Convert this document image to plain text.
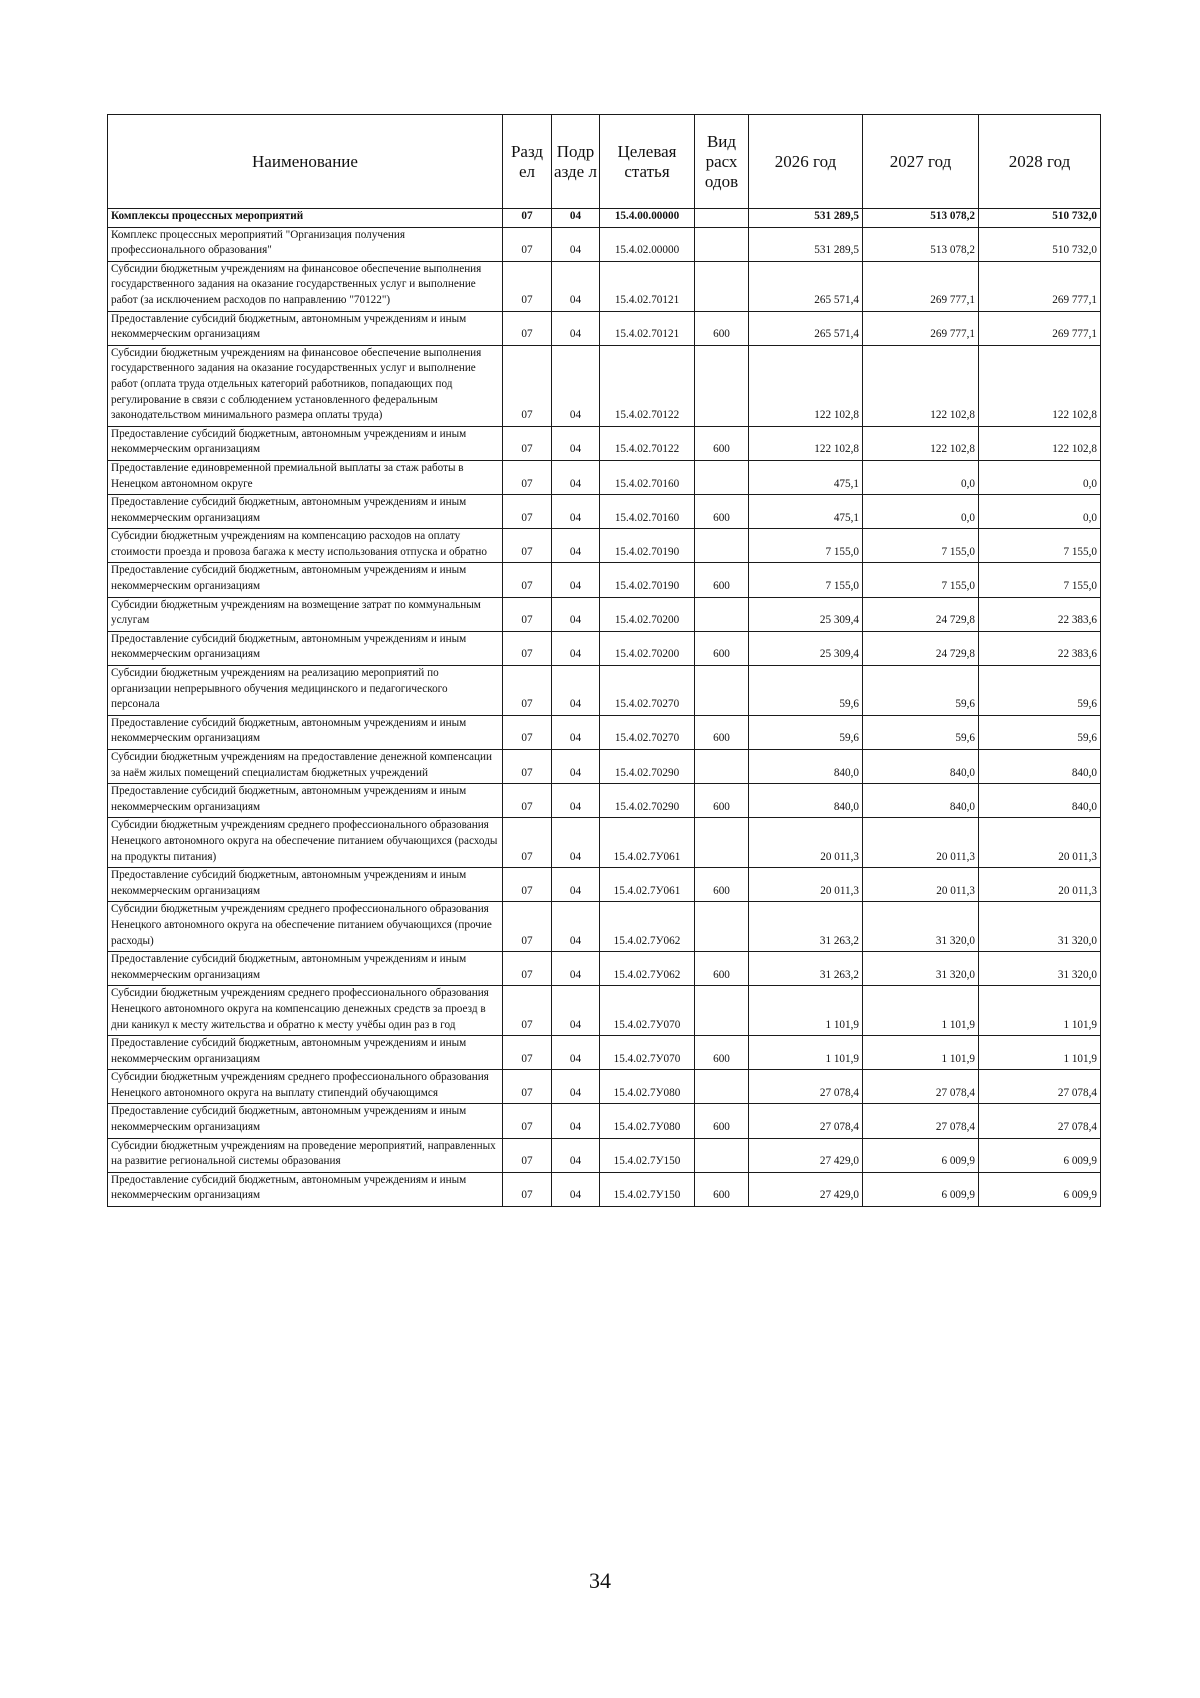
Наименование	Разд ел	Подр азде л	Целевая статья	Вид расх одов	2026 год	2027 год	2028 год
Комплексы процессных мероприятий	07	04	15.4.00.00000		531 289,5	513 078,2	510 732,0
Комплекс процессных мероприятий "Организация получения профессионального образования"	07	04	15.4.02.00000		531 289,5	513 078,2	510 732,0
Субсидии бюджетным учреждениям на финансовое обеспечение выполнения государственного задания на оказание государственных услуг и выполнение работ (за исключением расходов по направлению "70122")	07	04	15.4.02.70121		265 571,4	269 777,1	269 777,1
Предоставление субсидий бюджетным, автономным учреждениям и иным некоммерческим организациям	07	04	15.4.02.70121	600	265 571,4	269 777,1	269 777,1
Субсидии бюджетным учреждениям на финансовое обеспечение выполнения государственного задания на оказание государственных услуг и выполнение работ (оплата труда отдельных категорий работников, попадающих под регулирование в связи с соблюдением установленного федеральным законодательством минимального размера оплаты труда)	07	04	15.4.02.70122		122 102,8	122 102,8	122 102,8
Предоставление субсидий бюджетным, автономным учреждениям и иным некоммерческим организациям	07	04	15.4.02.70122	600	122 102,8	122 102,8	122 102,8
Предоставление единовременной премиальной выплаты за стаж работы в Ненецком автономном округе	07	04	15.4.02.70160		475,1	0,0	0,0
Предоставление субсидий бюджетным, автономным учреждениям и иным некоммерческим организациям	07	04	15.4.02.70160	600	475,1	0,0	0,0
Субсидии бюджетным учреждениям на компенсацию расходов на оплату стоимости проезда и провоза багажа к месту использования отпуска и обратно	07	04	15.4.02.70190		7 155,0	7 155,0	7 155,0
Предоставление субсидий бюджетным, автономным учреждениям и иным некоммерческим организациям	07	04	15.4.02.70190	600	7 155,0	7 155,0	7 155,0
Субсидии бюджетным учреждениям на возмещение затрат по коммунальным услугам	07	04	15.4.02.70200		25 309,4	24 729,8	22 383,6
Предоставление субсидий бюджетным, автономным учреждениям и иным некоммерческим организациям	07	04	15.4.02.70200	600	25 309,4	24 729,8	22 383,6
Субсидии бюджетным учреждениям на реализацию мероприятий по организации непрерывного обучения медицинского и педагогического персонала	07	04	15.4.02.70270		59,6	59,6	59,6
Предоставление субсидий бюджетным, автономным учреждениям и иным некоммерческим организациям	07	04	15.4.02.70270	600	59,6	59,6	59,6
Субсидии бюджетным учреждениям на предоставление денежной компенсации за наём жилых помещений специалистам бюджетных учреждений	07	04	15.4.02.70290		840,0	840,0	840,0
Предоставление субсидий бюджетным, автономным учреждениям и иным некоммерческим организациям	07	04	15.4.02.70290	600	840,0	840,0	840,0
Субсидии бюджетным учреждениям среднего профессионального образования Ненецкого автономного округа на обеспечение питанием обучающихся (расходы на продукты питания)	07	04	15.4.02.7У061		20 011,3	20 011,3	20 011,3
Предоставление субсидий бюджетным, автономным учреждениям и иным некоммерческим организациям	07	04	15.4.02.7У061	600	20 011,3	20 011,3	20 011,3
Субсидии бюджетным учреждениям среднего профессионального образования Ненецкого автономного округа на обеспечение питанием обучающихся (прочие расходы)	07	04	15.4.02.7У062		31 263,2	31 320,0	31 320,0
Предоставление субсидий бюджетным, автономным учреждениям и иным некоммерческим организациям	07	04	15.4.02.7У062	600	31 263,2	31 320,0	31 320,0
Субсидии бюджетным учреждениям среднего профессионального образования Ненецкого автономного округа на компенсацию денежных средств за проезд в дни каникул к месту жительства и обратно к месту учёбы один раз в год	07	04	15.4.02.7У070		1 101,9	1 101,9	1 101,9
Предоставление субсидий бюджетным, автономным учреждениям и иным некоммерческим организациям	07	04	15.4.02.7У070	600	1 101,9	1 101,9	1 101,9
Субсидии бюджетным учреждениям среднего профессионального образования Ненецкого автономного округа на выплату стипендий обучающимся	07	04	15.4.02.7У080		27 078,4	27 078,4	27 078,4
Предоставление субсидий бюджетным, автономным учреждениям и иным некоммерческим организациям	07	04	15.4.02.7У080	600	27 078,4	27 078,4	27 078,4
Субсидии бюджетным учреждениям на проведение мероприятий, направленных на развитие региональной системы образования	07	04	15.4.02.7У150		27 429,0	6 009,9	6 009,9
Предоставление субсидий бюджетным, автономным учреждениям и иным некоммерческим организациям	07	04	15.4.02.7У150	600	27 429,0	6 009,9	6 009,9
34
